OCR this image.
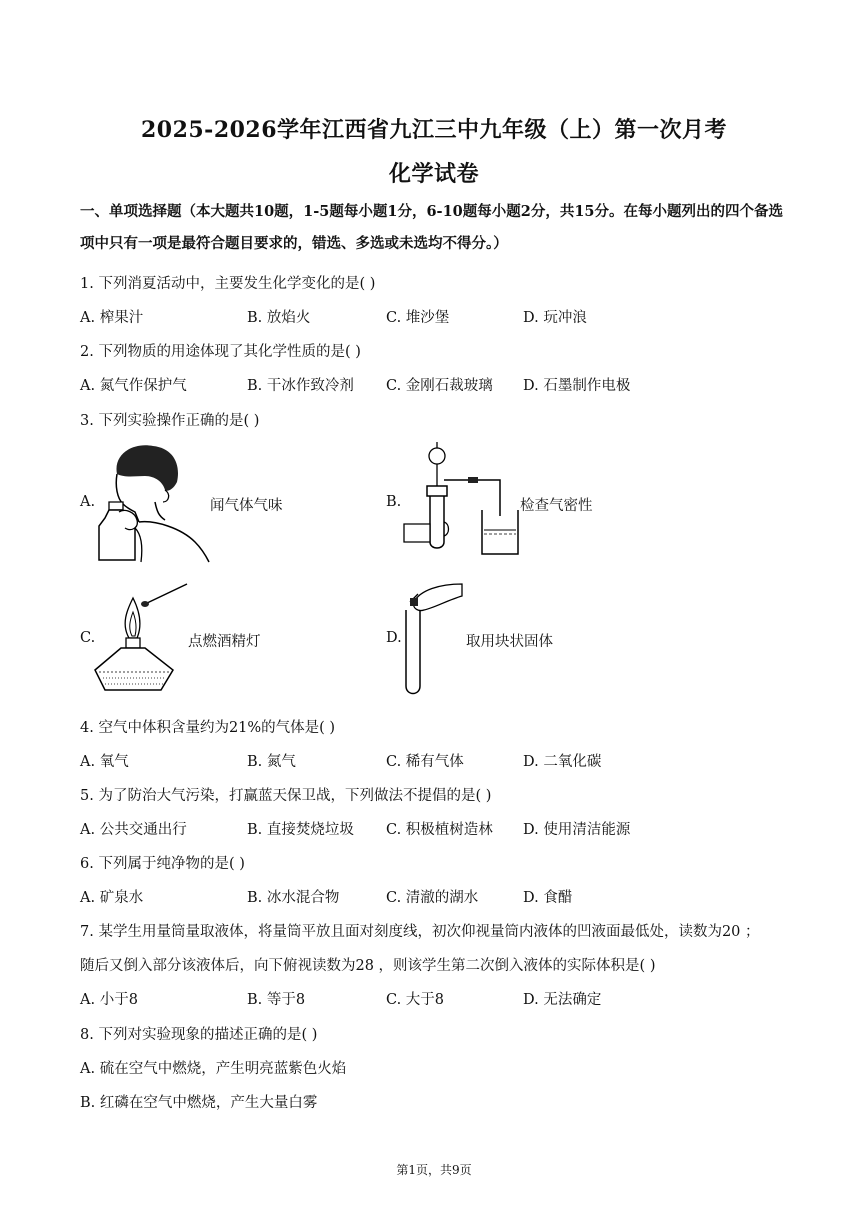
2025-2026学年江西省九江三中九年级（上）第一次月考
化学试卷
一、单项选择题（本大题共10题，1-5题每小题1分，6-10题每小题2分，共15分。在每小题列出的四个备选项中只有一项是最符合题目要求的，错选、多选或未选均不得分。）
1. 下列消夏活动中，主要发生化学变化的是( )
A. 榨果汁	B. 放焰火	C. 堆沙堡	D. 玩冲浪
2. 下列物质的用途体现了其化学性质的是( )
A. 氮气作保护气	B. 干冰作致冷剂 C. 金刚石裁玻璃 D. 石墨制作电极
3. 下列实验操作正确的是( )
A.	闻气体气味	B.	检查气密性
C.	点燃酒精灯	D.	取用块状固体
4. 空气中体积含量约为21%的气体是( )
A. 氧气	B. 氮气	C. 稀有气体	D. 二氧化碳
5. 为了防治大气污染，打赢蓝天保卫战，下列做法不提倡的是( )
A. 公共交通出行	B. 直接焚烧垃圾 C. 积极植树造林 D. 使用清洁能源
6. 下列属于纯净物的是( )
A. 矿泉水	B. 冰水混合物	C. 清澈的湖水	D. 食醋
7. 某学生用量筒量取液体，将量筒平放且面对刻度线，初次仰视量筒内液体的凹液面最低处，读数为20 ；
随后又倒入部分该液体后，向下俯视读数为28 ，则该学生第二次倒入液体的实际体积是( )
A. 小于8	B. 等于8	C. 大于8	D. 无法确定
8. 下列对实验现象的描述正确的是( )
A. 硫在空气中燃烧，产生明亮蓝紫色火焰
B. 红磷在空气中燃烧，产生大量白雾
第1页，共9页
